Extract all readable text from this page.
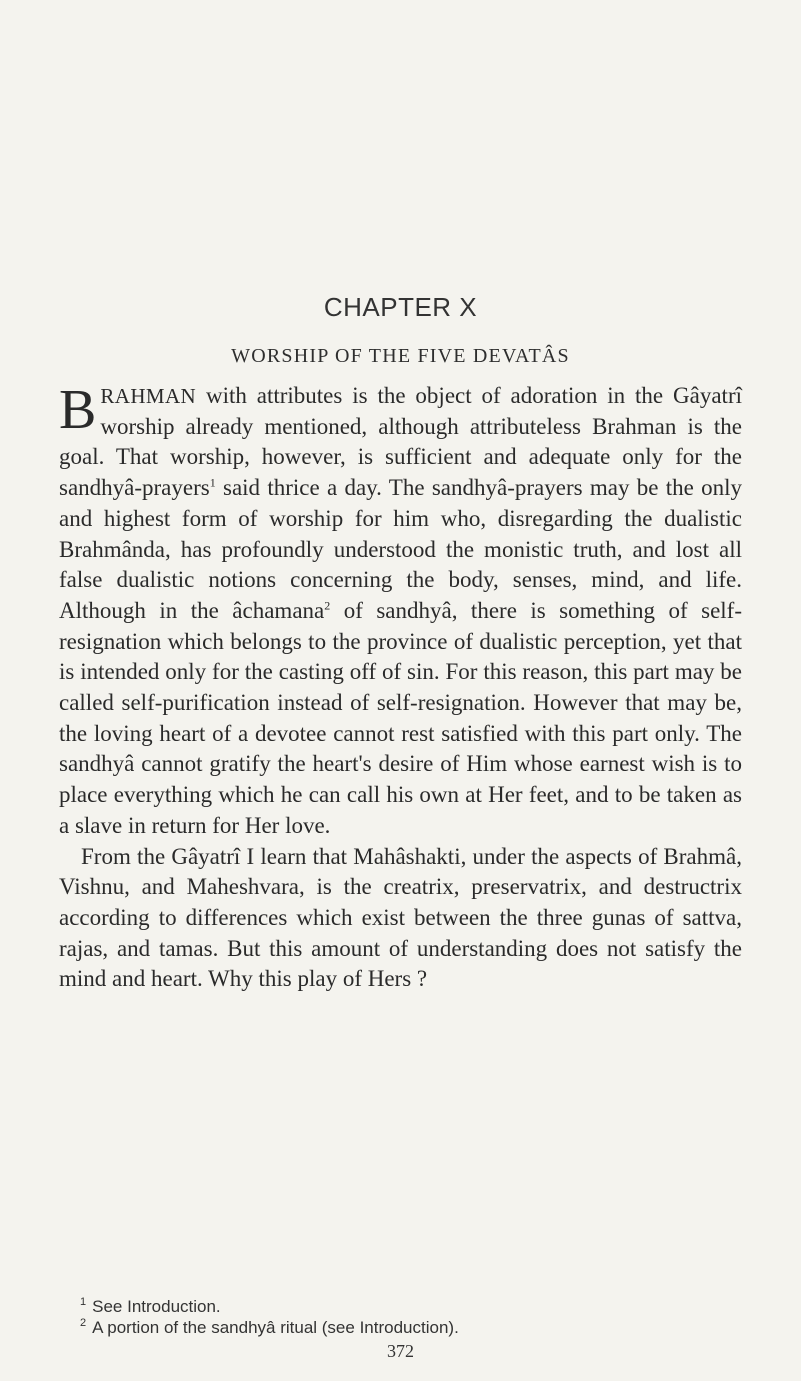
CHAPTER X
WORSHIP OF THE FIVE DEVATÂS

BRAHMAN with attributes is the object of adoration in the Gâyatrî worship already mentioned, although attributeless Brahman is the goal. That worship, however, is sufficient and adequate only for the sandhyâ-prayers$^1$ said thrice a day. The sandhyâ-prayers may be the only and highest form of worship for him who, disregarding the dualistic Brahmânda, has profoundly understood the monistic truth, and lost all false dualistic notions concerning the body, senses, mind, and life. Although in the âchamana$^2$ of sandhyâ, there is something of self-resignation which belongs to the province of dualistic perception, yet that is intended only for the casting off of sin. For this reason, this part may be called self-purification instead of self-resignation. However that may be, the loving heart of a devotee cannot rest satisfied with this part only. The sandhyâ cannot gratify the heart's desire of Him whose earnest wish is to place everything which he can call his own at Her feet, and to be taken as a slave in return for Her love.

From the Gâyatrî I learn that Mahâshakti, under the aspects of Brahmâ, Vishnu, and Maheshvara, is the creatrix, preservatrix, and destructrix according to differences which exist between the three gunas of sattva, rajas, and tamas. But this amount of understanding does not satisfy the mind and heart. Why this play of Hers ?

$^1$ See Introduction.
$^2$ A portion of the sandhyâ ritual (see Introduction).
372
